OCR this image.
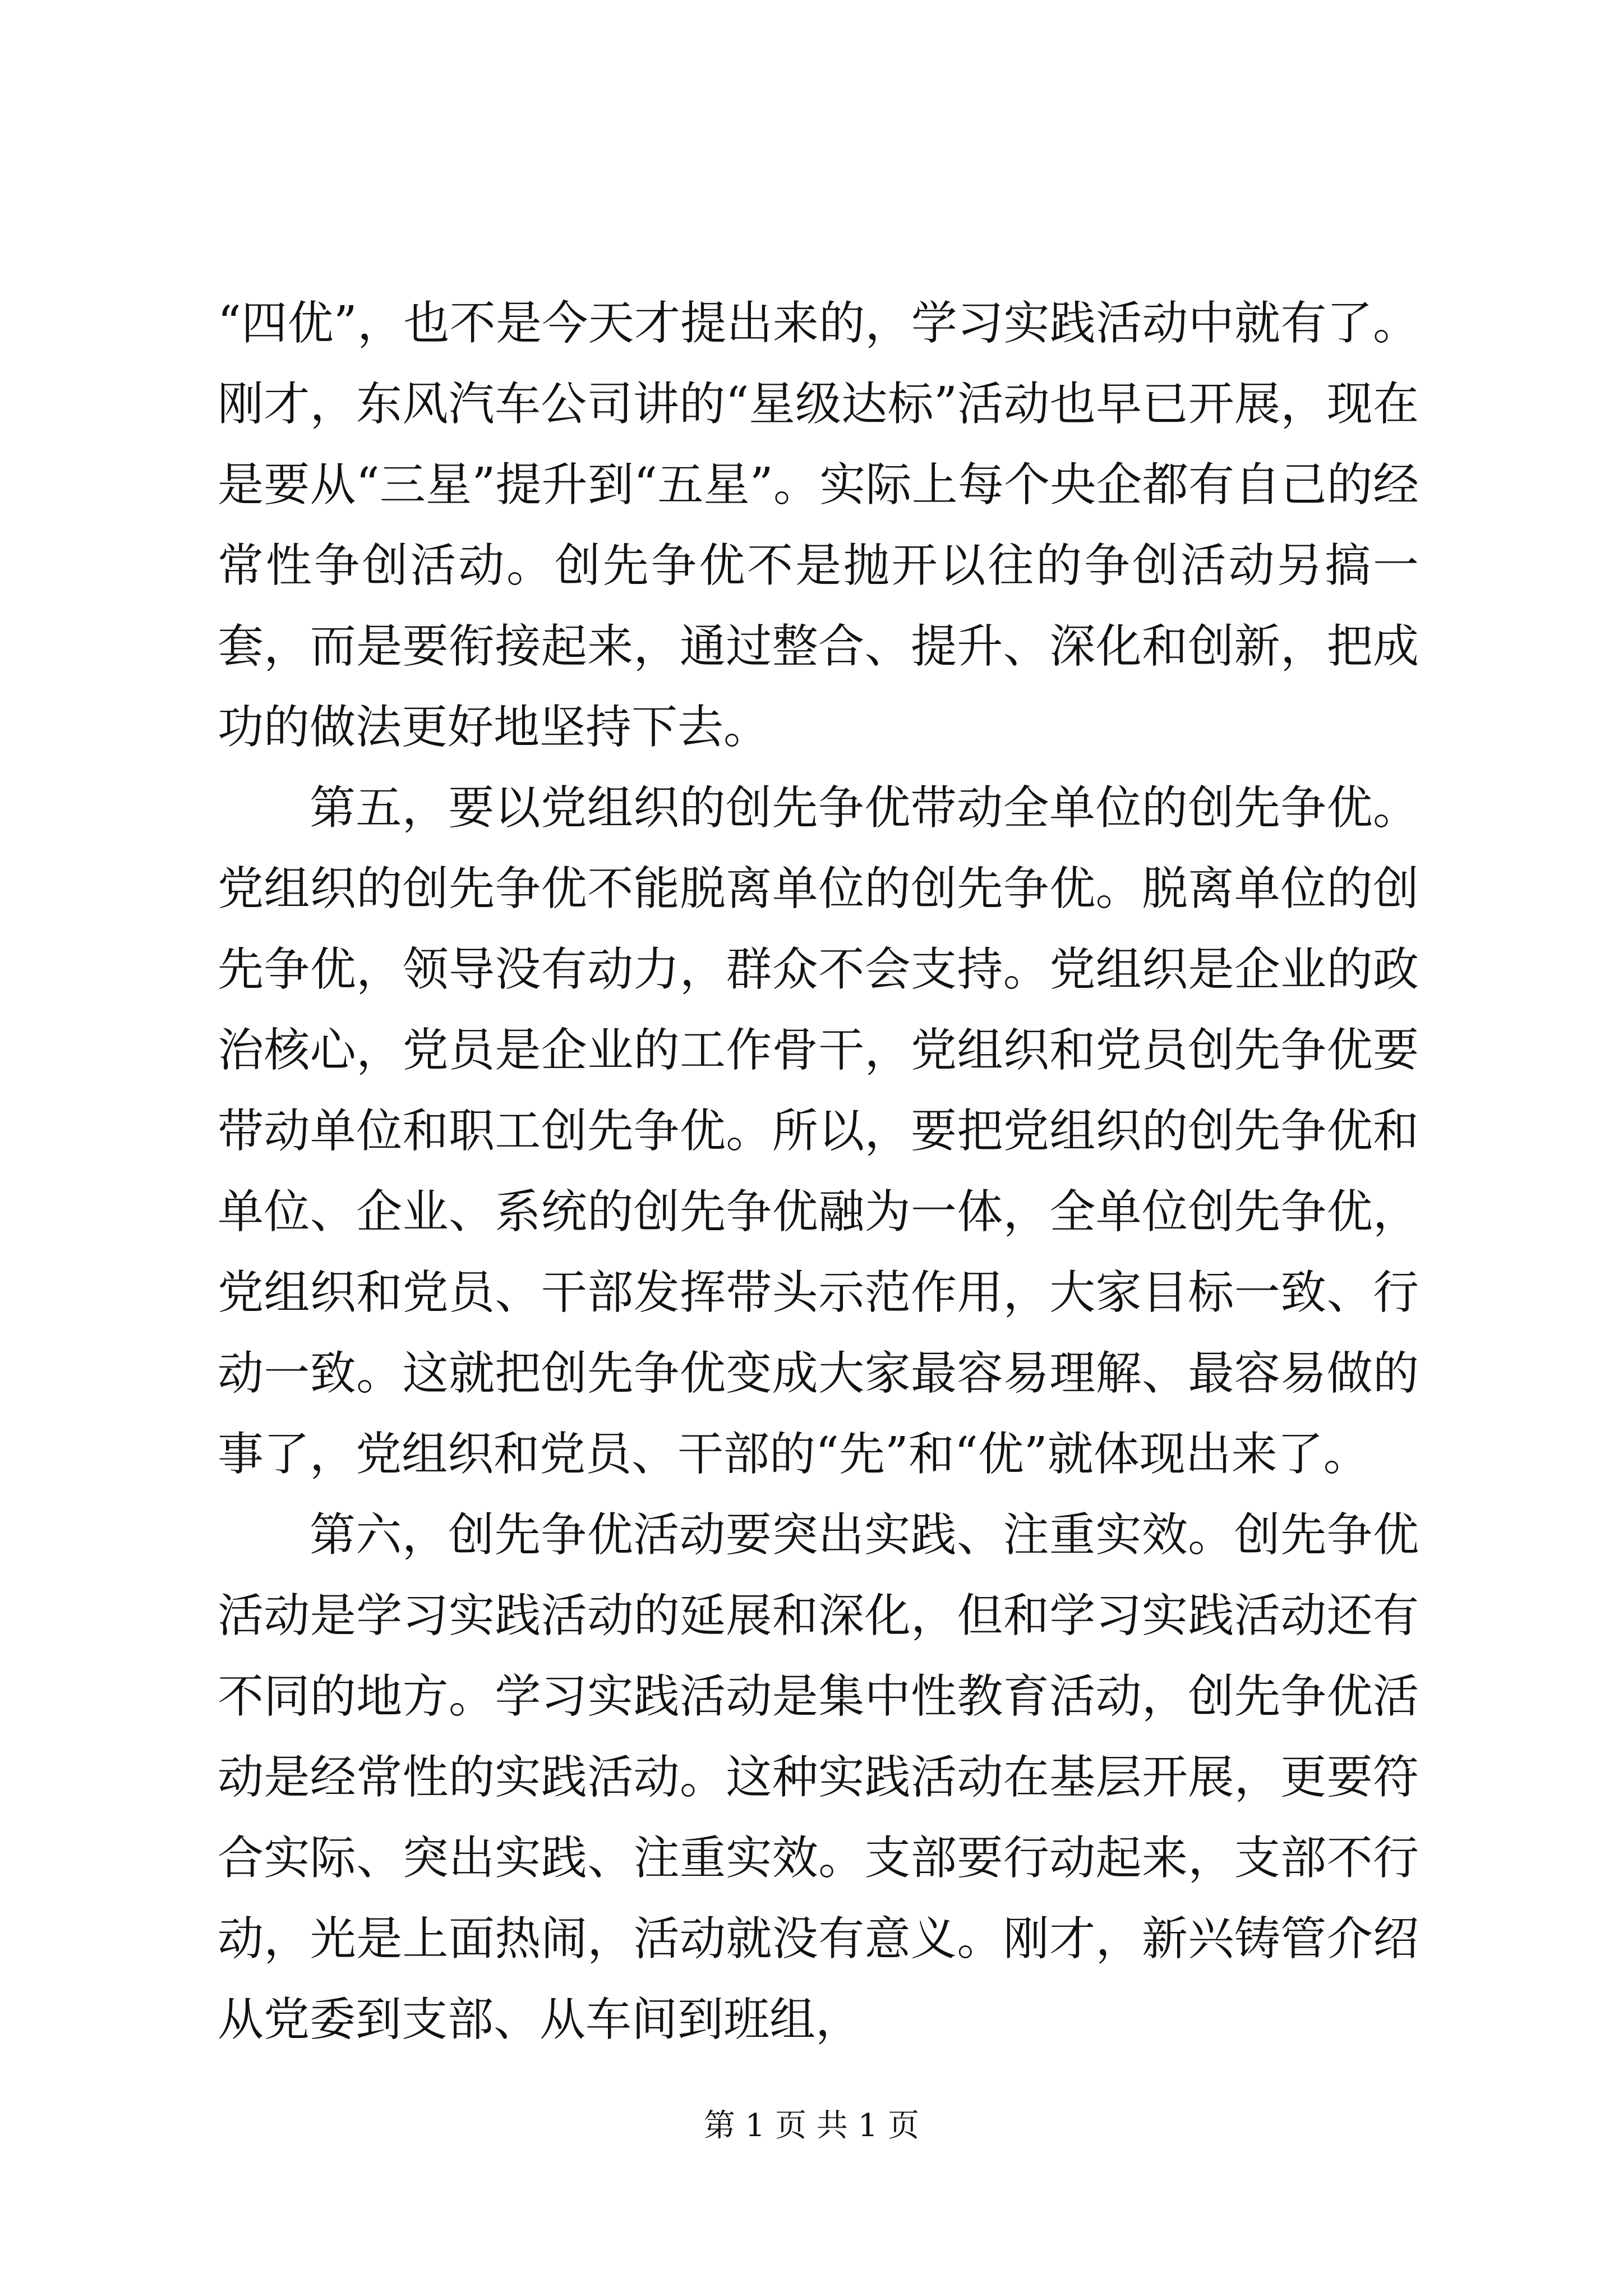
“四优”，也不是今天才提出来的，学习实践活动中就有了。刚才，东风汽车公司讲的“星级达标”活动也早已开展，现在是要从“三星”提升到“五星”。实际上每个央企都有自己的经常性争创活动。创先争优不是抛开以往的争创活动另搞一套，而是要衔接起来，通过整合、提升、深化和创新，把成功的做法更好地坚持下去。

第五，要以党组织的创先争优带动全单位的创先争优。党组织的创先争优不能脱离单位的创先争优。脱离单位的创先争优，领导没有动力，群众不会支持。党组织是企业的政治核心，党员是企业的工作骨干，党组织和党员创先争优要带动单位和职工创先争优。所以，要把党组织的创先争优和单位、企业、系统的创先争优融为一体，全单位创先争优，党组织和党员、干部发挥带头示范作用，大家目标一致、行动一致。这就把创先争优变成大家最容易理解、最容易做的事了，党组织和党员、干部的“先”和“优”就体现出来了。

第六，创先争优活动要突出实践、注重实效。创先争优活动是学习实践活动的延展和深化，但和学习实践活动还有不同的地方。学习实践活动是集中性教育活动，创先争优活动是经常性的实践活动。这种实践活动在基层开展，更要符合实际、突出实践、注重实效。支部要行动起来，支部不行动，光是上面热闹，活动就没有意义。刚才，新兴铸管介绍从党委到支部、从车间到班组，

第 1 页 共 1 页
